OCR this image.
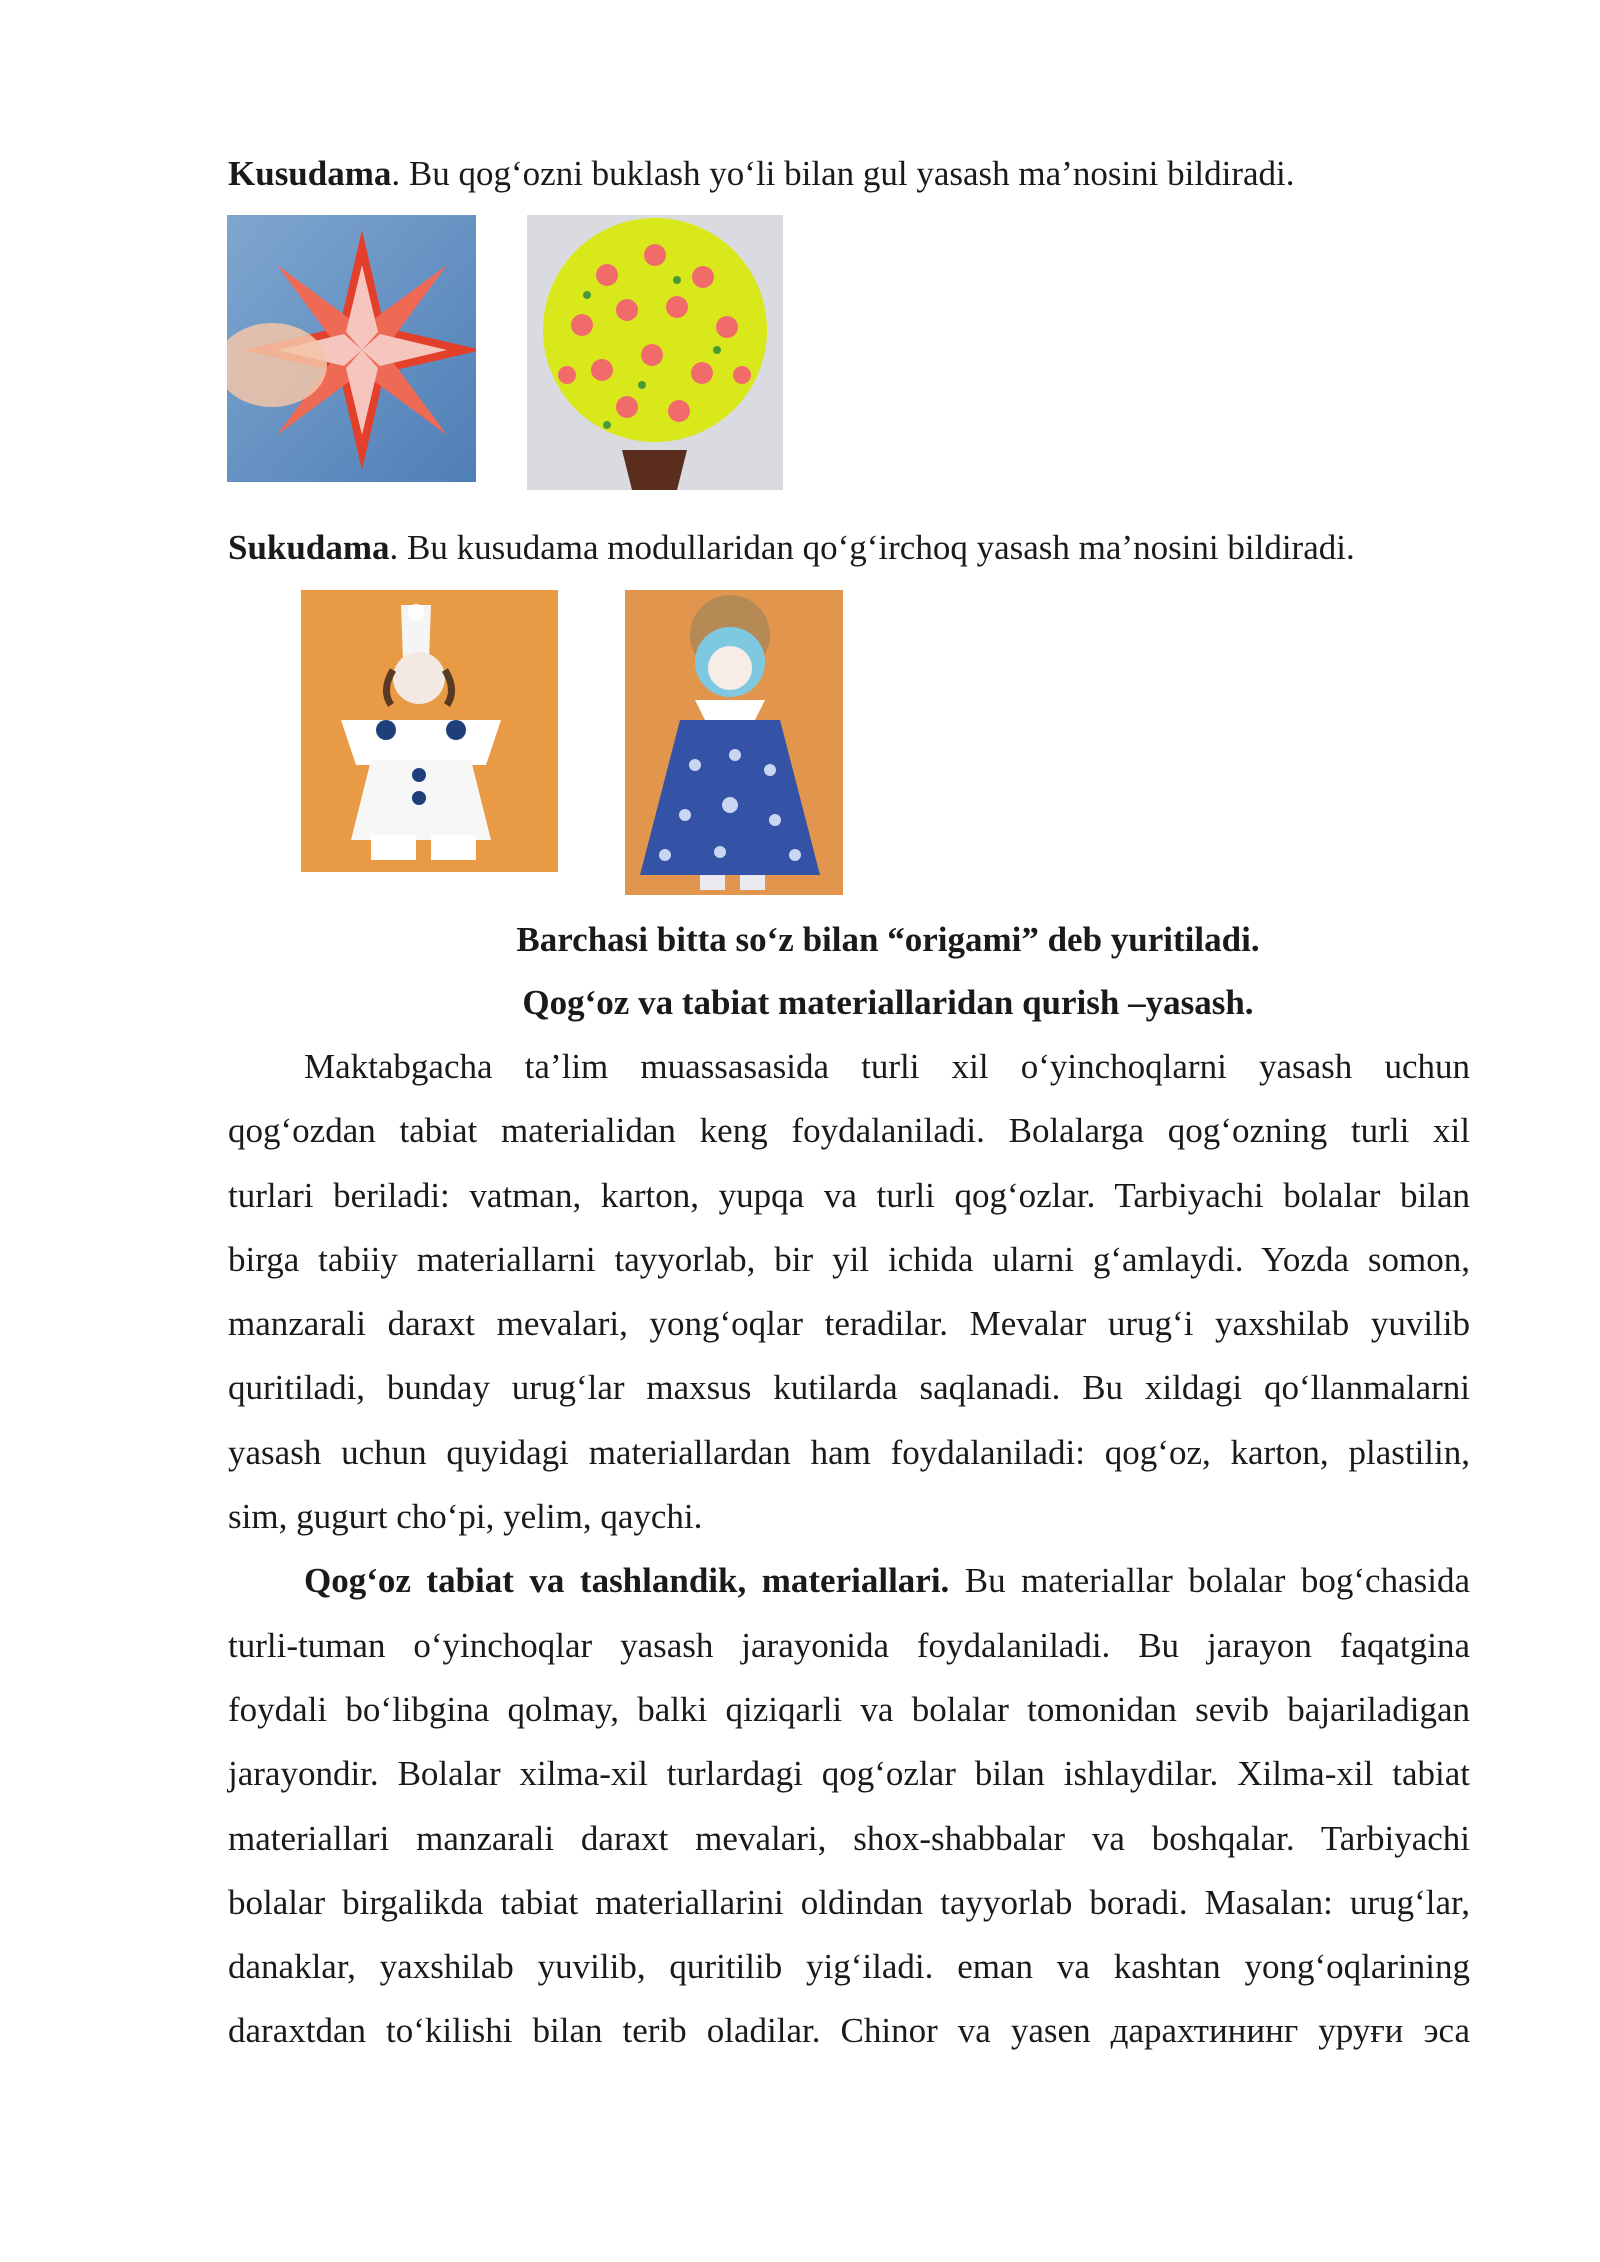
Kusudama. Bu qog‘ozni buklash yo‘li bilan gul yasash ma’nosini bildiradi.
Sukudama. Bu kusudama modullaridan qo‘g‘irchoq yasash ma’nosini bildiradi.
Barchasi bitta so‘z bilan “origami” deb yuritiladi.
Qog‘oz va tabiat materiallaridan qurish –yasash.
Maktabgacha ta’lim muassasasida turli xil o‘yinchoqlarni yasash uchun
qog‘ozdan tabiat materialidan keng foydalaniladi. Bolalarga qog‘ozning turli xil
turlari beriladi: vatman, karton, yupqa va turli qog‘ozlar. Tarbiyachi bolalar bilan
birga tabiiy materiallarni tayyorlab, bir yil ichida ularni g‘amlaydi. Yozda somon,
manzarali daraxt mevalari, yong‘oqlar teradilar. Mevalar urug‘i yaxshilab yuvilib
quritiladi, bunday urug‘lar maxsus kutilarda saqlanadi. Bu xildagi qo‘llanmalarni
yasash uchun quyidagi materiallardan ham foydalaniladi: qog‘oz, karton, plastilin,
sim, gugurt cho‘pi, yelim, qaychi.
Qog‘oz tabiat va tashlandik, materiallari. Bu materiallar bolalar bog‘chasida
turli-tuman o‘yinchoqlar yasash jarayonida foydalaniladi. Bu jarayon faqatgina
foydali bo‘libgina qolmay, balki qiziqarli va bolalar tomonidan sevib bajariladigan
jarayondir. Bolalar xilma-xil turlardagi qog‘ozlar bilan ishlaydilar. Xilma-xil tabiat
materiallari manzarali daraxt mevalari, shox-shabbalar va boshqalar. Tarbiyachi
bolalar birgalikda tabiat materiallarini oldindan tayyorlab boradi. Masalan: urug‘lar,
danaklar, yaxshilab yuvilib, quritilib yig‘iladi. eman va kashtan yong‘oqlarining
daraxtdan to‘kilishi bilan terib oladilar. Chinor va yasen дарахтининг уруғи эса
